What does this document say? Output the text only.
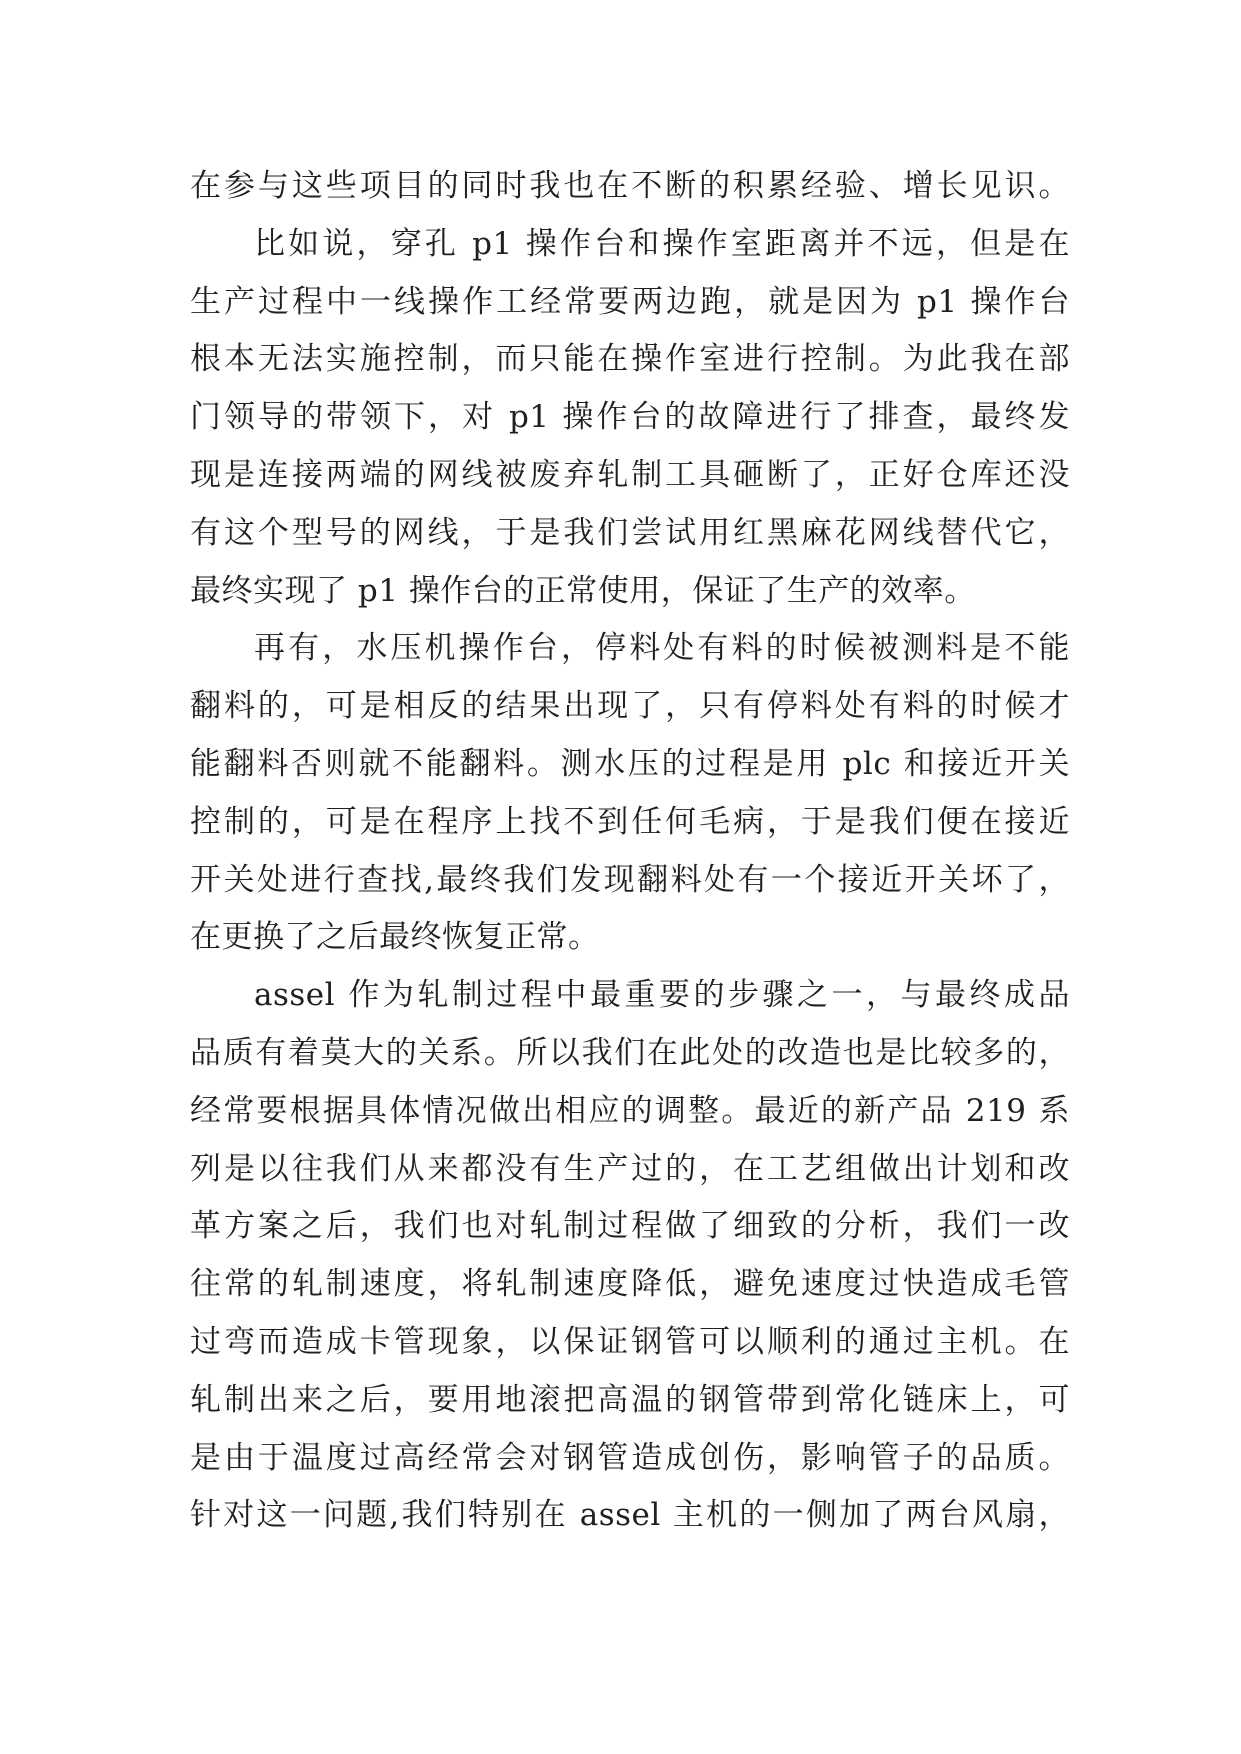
在参与这些项目的同时我也在不断的积累经验、增长见识。
比如说，穿孔 p1 操作台和操作室距离并不远，但是在
生产过程中一线操作工经常要两边跑，就是因为 p1 操作台
根本无法实施控制，而只能在操作室进行控制。为此我在部
门领导的带领下，对 p1 操作台的故障进行了排查，最终发
现是连接两端的网线被废弃轧制工具砸断了，正好仓库还没
有这个型号的网线，于是我们尝试用红黑麻花网线替代它，
最终实现了 p1 操作台的正常使用，保证了生产的效率。
再有，水压机操作台，停料处有料的时候被测料是不能
翻料的，可是相反的结果出现了，只有停料处有料的时候才
能翻料否则就不能翻料。测水压的过程是用 plc 和接近开关
控制的，可是在程序上找不到任何毛病，于是我们便在接近
开关处进行查找,最终我们发现翻料处有一个接近开关坏了，
在更换了之后最终恢复正常。
assel 作为轧制过程中最重要的步骤之一，与最终成品
品质有着莫大的关系。所以我们在此处的改造也是比较多的，
经常要根据具体情况做出相应的调整。最近的新产品 219 系
列是以往我们从来都没有生产过的，在工艺组做出计划和改
革方案之后，我们也对轧制过程做了细致的分析，我们一改
往常的轧制速度，将轧制速度降低，避免速度过快造成毛管
过弯而造成卡管现象，以保证钢管可以顺利的通过主机。在
轧制出来之后，要用地滚把高温的钢管带到常化链床上，可
是由于温度过高经常会对钢管造成创伤，影响管子的品质。
针对这一问题,我们特别在 assel 主机的一侧加了两台风扇，
